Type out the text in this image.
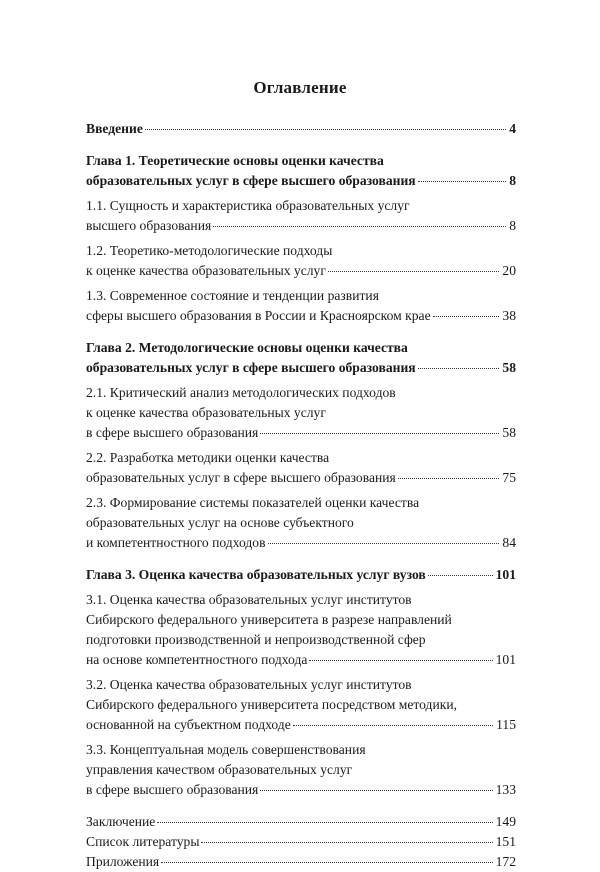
Оглавление
Введение	4
Глава 1. Теоретические основы оценки качества
образовательных услуг в сфере высшего образования	8
1.1. Сущность и характеристика образовательных услуг
высшего образования	8
1.2. Теоретико-методологические подходы
к оценке качества образовательных услуг	20
1.3. Современное состояние и тенденции развития
сферы высшего образования в России и Красноярском крае	38
Глава 2. Методологические основы оценки качества
образовательных услуг в сфере высшего образования	58
2.1. Критический анализ методологических подходов
к оценке качества образовательных услуг
в сфере высшего образования	58
2.2. Разработка методики оценки качества
образовательных услуг в сфере высшего образования	75
2.3. Формирование системы показателей оценки качества
образовательных услуг на основе субъектного
и компетентностного подходов	84
Глава 3. Оценка качества образовательных услуг вузов	101
3.1. Оценка качества образовательных услуг институтов
Сибирского федерального университета в разрезе направлений
подготовки производственной и непроизводственной сфер
на основе компетентностного подхода	101
3.2. Оценка качества образовательных услуг институтов
Сибирского федерального университета посредством методики,
основанной на субъектном подходе	115
3.3. Концептуальная модель совершенствования
управления качеством образовательных услуг
в сфере высшего образования	133
Заключение	149
Список литературы	151
Приложения	172
